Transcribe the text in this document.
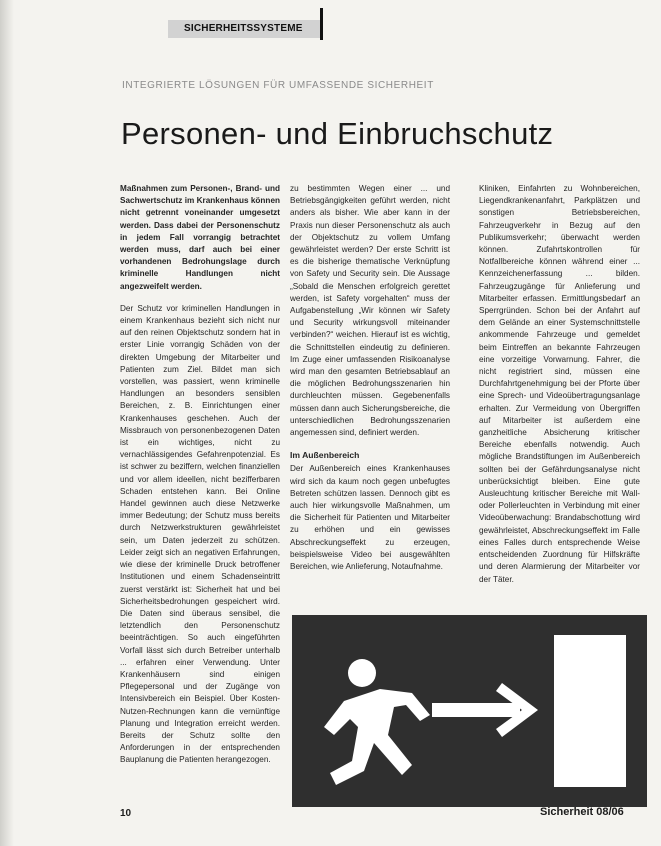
SICHERHEITSSYSTEME
INTEGRIERTE LÖSUNGEN FÜR UMFASSENDE SICHERHEIT
Personen- und Einbruchschutz

Maßnahmen zum Personen-, Brand- und Sachwertschutz im Krankenhaus können nicht getrennt voneinander umgesetzt werden. Dass dabei der Personenschutz in jedem Fall vorrangig betrachtet werden muss, darf auch bei einer vorhandenen Bedrohungslage durch kriminelle Handlungen nicht angezweifelt werden.

Der Schutz vor kriminellen Handlungen in einem Krankenhaus bezieht sich nicht nur auf den reinen Objektschutz sondern hat in erster Linie vorrangig Schäden von der direkten Umgebung der Mitarbeiter und Patienten zum Ziel. Bildet man sich vorstellen, was passiert, wenn kriminelle Handlungen an besonders sensiblen Bereichen, z. B. Einrichtungen einer Krankenhauses geschehen. Auch der Missbrauch von personenbezogenen Daten ist ein wichtiges, nicht zu vernachlässigendes Gefahrenpotenzial. Es ist schwer zu beziffern, welchen finanziellen und vor allem ideellen, nicht bezifferbaren Schaden entstehen kann. Bei Online Handel gewinnen auch diese Netzwerke immer Bedeutung; der Schutz muss bereits durch Netzwerkstrukturen gewährleistet sein, um Daten jederzeit zu schützen. Leider zeigt sich an negativen Erfahrungen, wie diese der kriminelle Druck betroffener Institutionen und einem Schadenseintritt zuerst verstärkt ist: Sicherheit hat und bei Sicherheitsbedrohungen gespeichert wird. Die Daten sind überaus sensibel, die letztendlich den Personenschutz beeinträchtigen. So auch eingeführten Vorfall lässt sich durch Betreiber unterhalb ... erfahren einer Verwendung. Unter Krankenhäusern sind einigen Pflegepersonal und der Zugänge von Intensivbereich ein Beispiel. Über Kosten-Nutzen-Rechnungen kann die vernünftige Planung und Integration erreicht werden. Bereits der Schutz sollte den Anforderungen in der entsprechenden Bauplanung die Patienten herangezogen.

zu bestimmten Wegen einer ... und Betriebsgängigkeiten geführt werden, nicht anders als bisher. Wie aber kann in der Praxis nun dieser Personenschutz als auch der Objektschutz zu vollem Umfang gewährleistet werden? Der erste Schritt ist es die bisherige thematische Verknüpfung von Safety und Security sein. Die Aussage „Sobald die Menschen erfolgreich gerettet werden, ist Safety vorgehalten“ muss der Aufgabenstellung „Wir können wir Safety und Security wirkungsvoll miteinander verbinden?“ weichen. Hierauf ist es wichtig, die Schnittstellen eindeutig zu definieren. Im Zuge einer umfassenden Risikoanalyse wird man den gesamten Betriebsablauf an die möglichen Bedrohungsszenarien hin durchleuchten müssen. Gegebenenfalls müssen dann auch Sicherungsbereiche, die unterschiedlichen Bedrohungsszenarien angemessen sind, definiert werden.

Im Außenbereich

Der Außenbereich eines Krankenhauses wird sich da kaum noch gegen unbefugtes Betreten schützen lassen. Dennoch gibt es auch hier wirkungsvolle Maßnahmen, um die Sicherheit für Patienten und Mitarbeiter zu erhöhen und ein gewisses Abschreckungseffekt zu erzeugen, beispielsweise Video bei ausgewählten Bereichen, wie Anlieferung, Notaufnahme.

Kliniken, Einfahrten zu Wohnbereichen, Liegendkrankenanfahrt, Parkplätzen und sonstigen Betriebsbereichen, Fahrzeugverkehr in Bezug auf den Publikumsverkehr; überwacht werden können. Zufahrtskontrollen für Notfallbereiche können während einer ... Kennzeichenerfassung ... bilden. Fahrzeugzugänge für Anlieferung und Mitarbeiter erfassen. Ermittlungsbedarf an Sperrgründen. Schon bei der Anfahrt auf dem Gelände an einer Systemschnittstelle ankommende Fahrzeuge und gemeldet beim Eintreffen an bekannte Fahrzeugen eine vorzeitige Vorwarnung. Fahrer, die nicht registriert sind, müssen eine Durchfahrtgenehmigung bei der Pforte über eine Sprech- und Videoübertragungsanlage erhalten. Zur Vermeidung von Übergriffen auf Mitarbeiter ist außerdem eine ganzheitliche Absicherung kritischer Bereiche ebenfalls notwendig. Auch mögliche Brandstiftungen im Außenbereich sollten bei der Gefährdungsanalyse nicht unberücksichtigt bleiben. Eine gute Ausleuchtung kritischer Bereiche mit Wall- oder Pollerleuchten in Verbindung mit einer Videoüberwachung: Brandabschottung wird gewährleistet, Abschreckungseffekt im Falle eines Falles durch entsprechende Weise entscheidenden Zuordnung für Hilfskräfte und deren Alarmierung der Mitarbeiter vor der Täter.

10	Sicherheit 08/06
